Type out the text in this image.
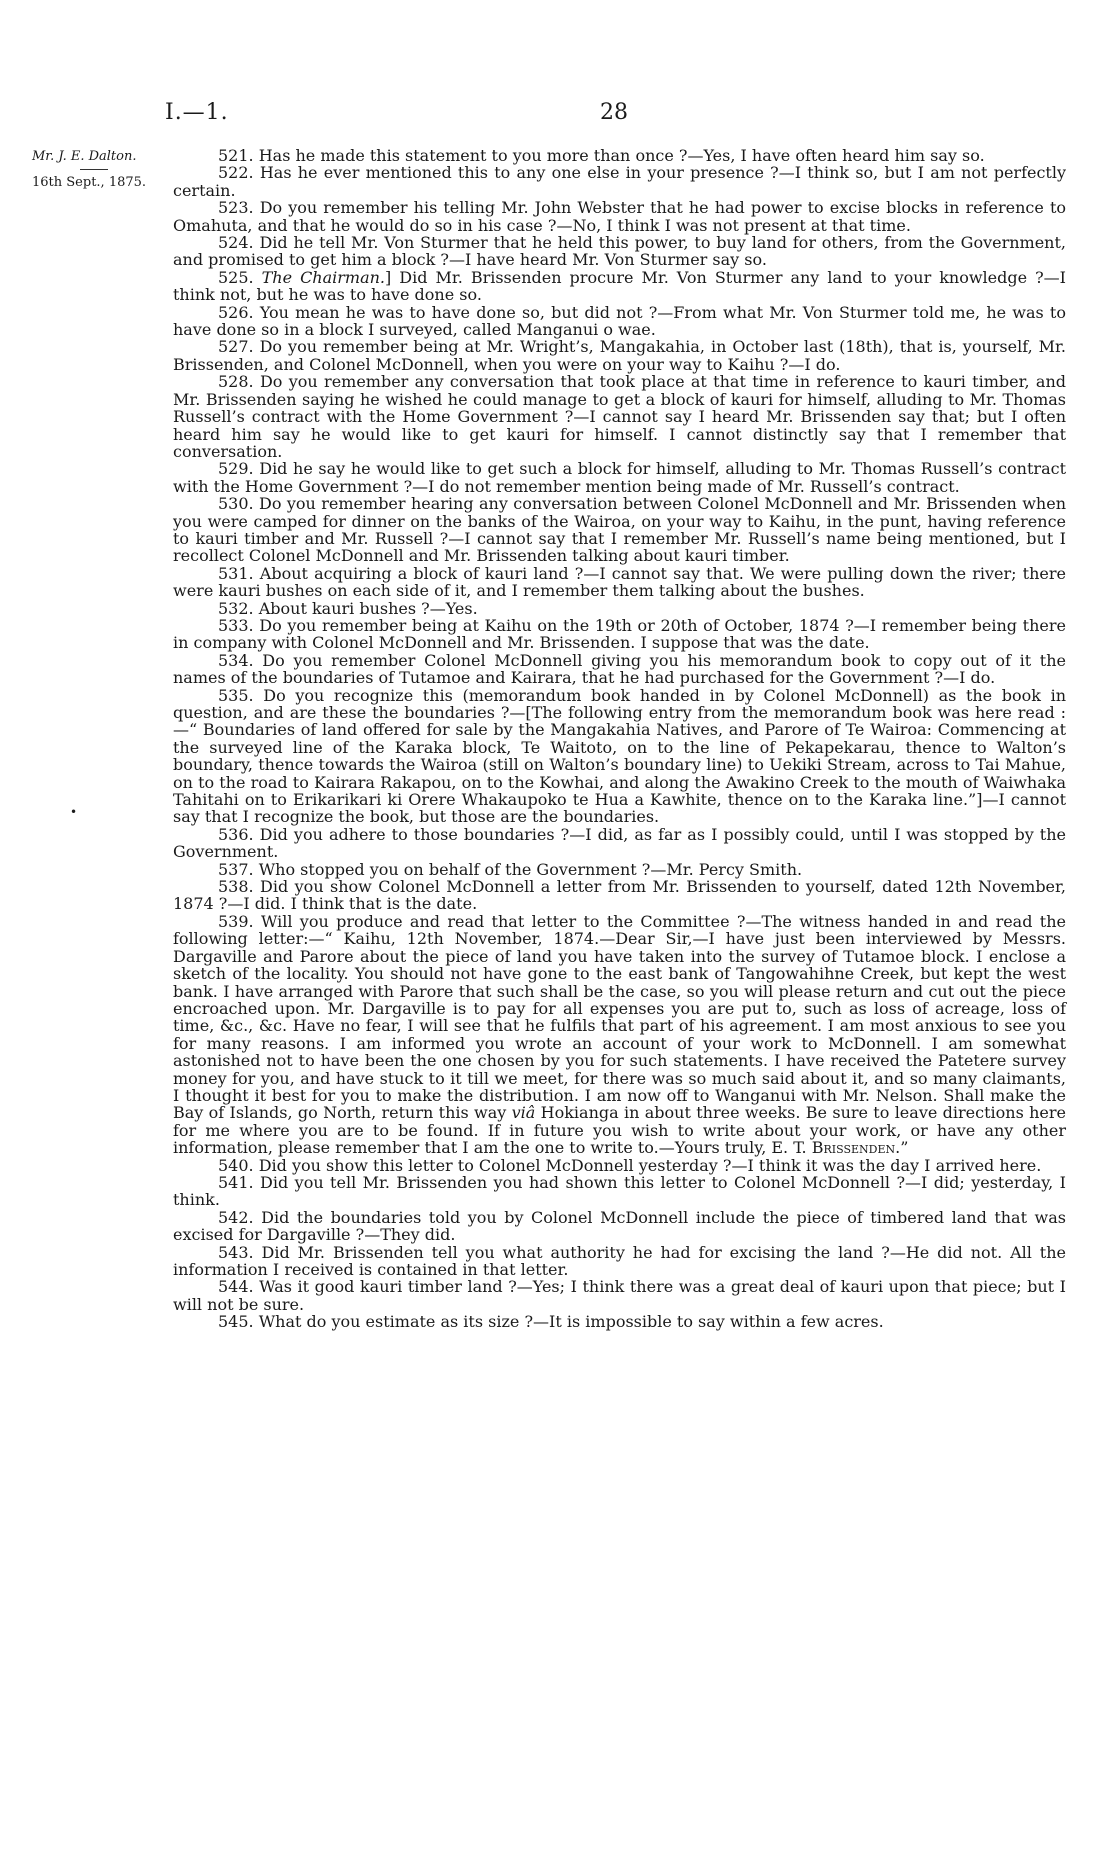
I.—1.	28
Mr. J. E. Dalton.
16th Sept., 1875.
•

521. Has he made this statement to you more than once ?—Yes, I have often heard him say so.

522. Has he ever mentioned this to any one else in your presence ?—I think so, but I am not perfectly certain.

523. Do you remember his telling Mr. John Webster that he had power to excise blocks in reference to Omahuta, and that he would do so in his case ?—No, I think I was not present at that time.

524. Did he tell Mr. Von Sturmer that he held this power, to buy land for others, from the Government, and promised to get him a block ?—I have heard Mr. Von Sturmer say so.

525. The Chairman.] Did Mr. Brissenden procure Mr. Von Sturmer any land to your knowledge ?—I think not, but he was to have done so.

526. You mean he was to have done so, but did not ?—From what Mr. Von Sturmer told me, he was to have done so in a block I surveyed, called Manganui o wae.

527. Do you remember being at Mr. Wright’s, Mangakahia, in October last (18th), that is, yourself, Mr. Brissenden, and Colonel McDonnell, when you were on your way to Kaihu ?—I do.

528. Do you remember any conversation that took place at that time in reference to kauri timber, and Mr. Brissenden saying he wished he could manage to get a block of kauri for himself, alluding to Mr. Thomas Russell’s contract with the Home Government ?—I cannot say I heard Mr. Brissenden say that; but I often heard him say he would like to get kauri for himself. I cannot distinctly say that I remember that conversation.

529. Did he say he would like to get such a block for himself, alluding to Mr. Thomas Russell’s contract with the Home Government ?—I do not remember mention being made of Mr. Russell’s contract.

530. Do you remember hearing any conversation between Colonel McDonnell and Mr. Brissenden when you were camped for dinner on the banks of the Wairoa, on your way to Kaihu, in the punt, having reference to kauri timber and Mr. Russell ?—I cannot say that I remember Mr. Russell’s name being mentioned, but I recollect Colonel McDonnell and Mr. Brissenden talking about kauri timber.

531. About acquiring a block of kauri land ?—I cannot say that. We were pulling down the river; there were kauri bushes on each side of it, and I remember them talking about the bushes.

532. About kauri bushes ?—Yes.

533. Do you remember being at Kaihu on the 19th or 20th of October, 1874 ?—I remember being there in company with Colonel McDonnell and Mr. Brissenden. I suppose that was the date.

534. Do you remember Colonel McDonnell giving you his memorandum book to copy out of it the names of the boundaries of Tutamoe and Kairara, that he had purchased for the Government ?—I do.

535. Do you recognize this (memorandum book handed in by Colonel McDonnell) as the book in question, and are these the boundaries ?—[The following entry from the memorandum book was here read :—“ Boundaries of land offered for sale by the Mangakahia Natives, and Parore of Te Wairoa: Commencing at the surveyed line of the Karaka block, Te Waitoto, on to the line of Pekapekarau, thence to Walton’s boundary, thence towards the Wairoa (still on Walton’s boundary line) to Uekiki Stream, across to Tai Mahue, on to the road to Kairara Rakapou, on to the Kowhai, and along the Awakino Creek to the mouth of Waiwhaka Tahitahi on to Erikarikari ki Orere Whakaupoko te Hua a Kawhite, thence on to the Karaka line.”]—I cannot say that I recognize the book, but those are the boundaries.

536. Did you adhere to those boundaries ?—I did, as far as I possibly could, until I was stopped by the Government.

537. Who stopped you on behalf of the Government ?—Mr. Percy Smith.

538. Did you show Colonel McDonnell a letter from Mr. Brissenden to yourself, dated 12th November, 1874 ?—I did. I think that is the date.

539. Will you produce and read that letter to the Committee ?—The witness handed in and read the following letter:—“ Kaihu, 12th November, 1874.—Dear Sir,—I have just been interviewed by Messrs. Dargaville and Parore about the piece of land you have taken into the survey of Tutamoe block. I enclose a sketch of the locality. You should not have gone to the east bank of Tangowahihne Creek, but kept the west bank. I have arranged with Parore that such shall be the case, so you will please return and cut out the piece encroached upon. Mr. Dargaville is to pay for all expenses you are put to, such as loss of acreage, loss of time, &c., &c. Have no fear, I will see that he fulfils that part of his agreement. I am most anxious to see you for many reasons. I am informed you wrote an account of your work to McDonnell. I am somewhat astonished not to have been the one chosen by you for such statements. I have received the Patetere survey money for you, and have stuck to it till we meet, for there was so much said about it, and so many claimants, I thought it best for you to make the distribution. I am now off to Wanganui with Mr. Nelson. Shall make the Bay of Islands, go North, return this way viâ Hokianga in about three weeks. Be sure to leave directions here for me where you are to be found. If in future you wish to write about your work, or have any other information, please remember that I am the one to write to.—Yours truly, E. T. Brissenden.”

540. Did you show this letter to Colonel McDonnell yesterday ?—I think it was the day I arrived here.

541. Did you tell Mr. Brissenden you had shown this letter to Colonel McDonnell ?—I did; yesterday, I think.

542. Did the boundaries told you by Colonel McDonnell include the piece of timbered land that was excised for Dargaville ?—They did.

543. Did Mr. Brissenden tell you what authority he had for excising the land ?—He did not. All the information I received is contained in that letter.

544. Was it good kauri timber land ?—Yes; I think there was a great deal of kauri upon that piece; but I will not be sure.

545. What do you estimate as its size ?—It is impossible to say within a few acres.
